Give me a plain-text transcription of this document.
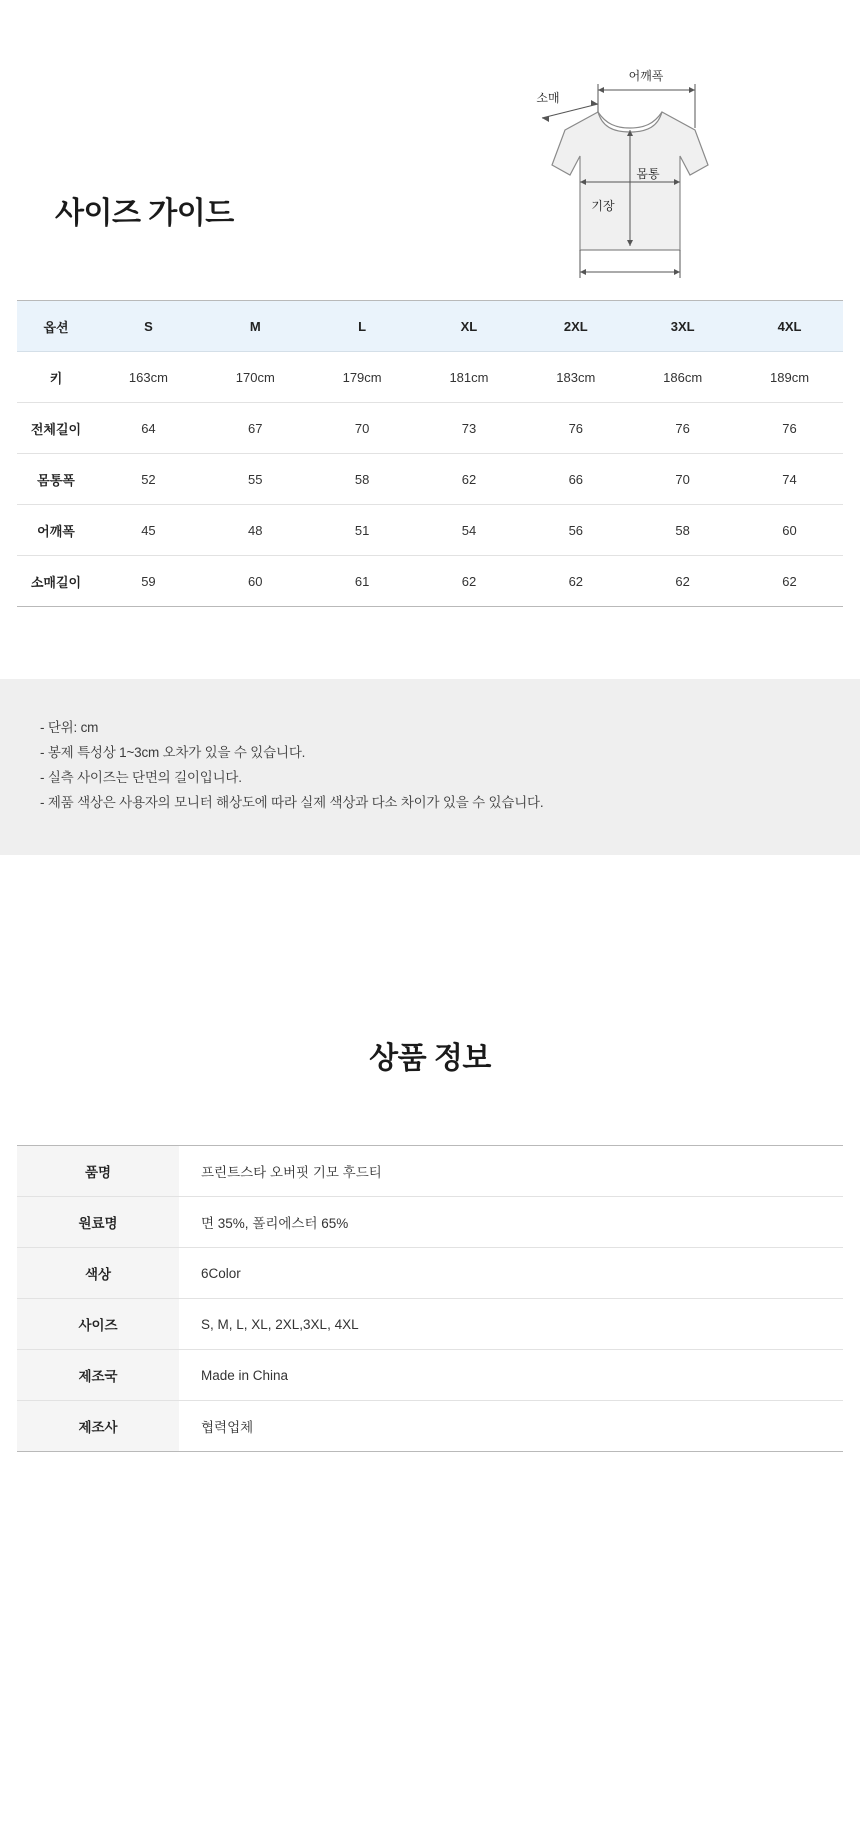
사이즈 가이드
어깨폭
소매
몸통
기장
옵션	S	M	L	XL	2XL	3XL	4XL
키	163cm	170cm	179cm	181cm	183cm	186cm	189cm
전체길이	64	67	70	73	76	76	76
몸통폭	52	55	58	62	66	70	74
어깨폭	45	48	51	54	56	58	60
소매길이	59	60	61	62	62	62	62
- 단위: cm
- 봉제 특성상 1~3cm 오차가 있을 수 있습니다.
- 실측 사이즈는 단면의 길이입니다.
- 제품 색상은 사용자의 모니터 해상도에 따라 실제 색상과 다소 차이가 있을 수 있습니다.
상품 정보
품명	프린트스타 오버핏 기모 후드티
원료명	면 35%, 폴리에스터 65%
색상	6Color
사이즈	S, M, L, XL, 2XL,3XL, 4XL
제조국	Made in China
제조사	협력업체
